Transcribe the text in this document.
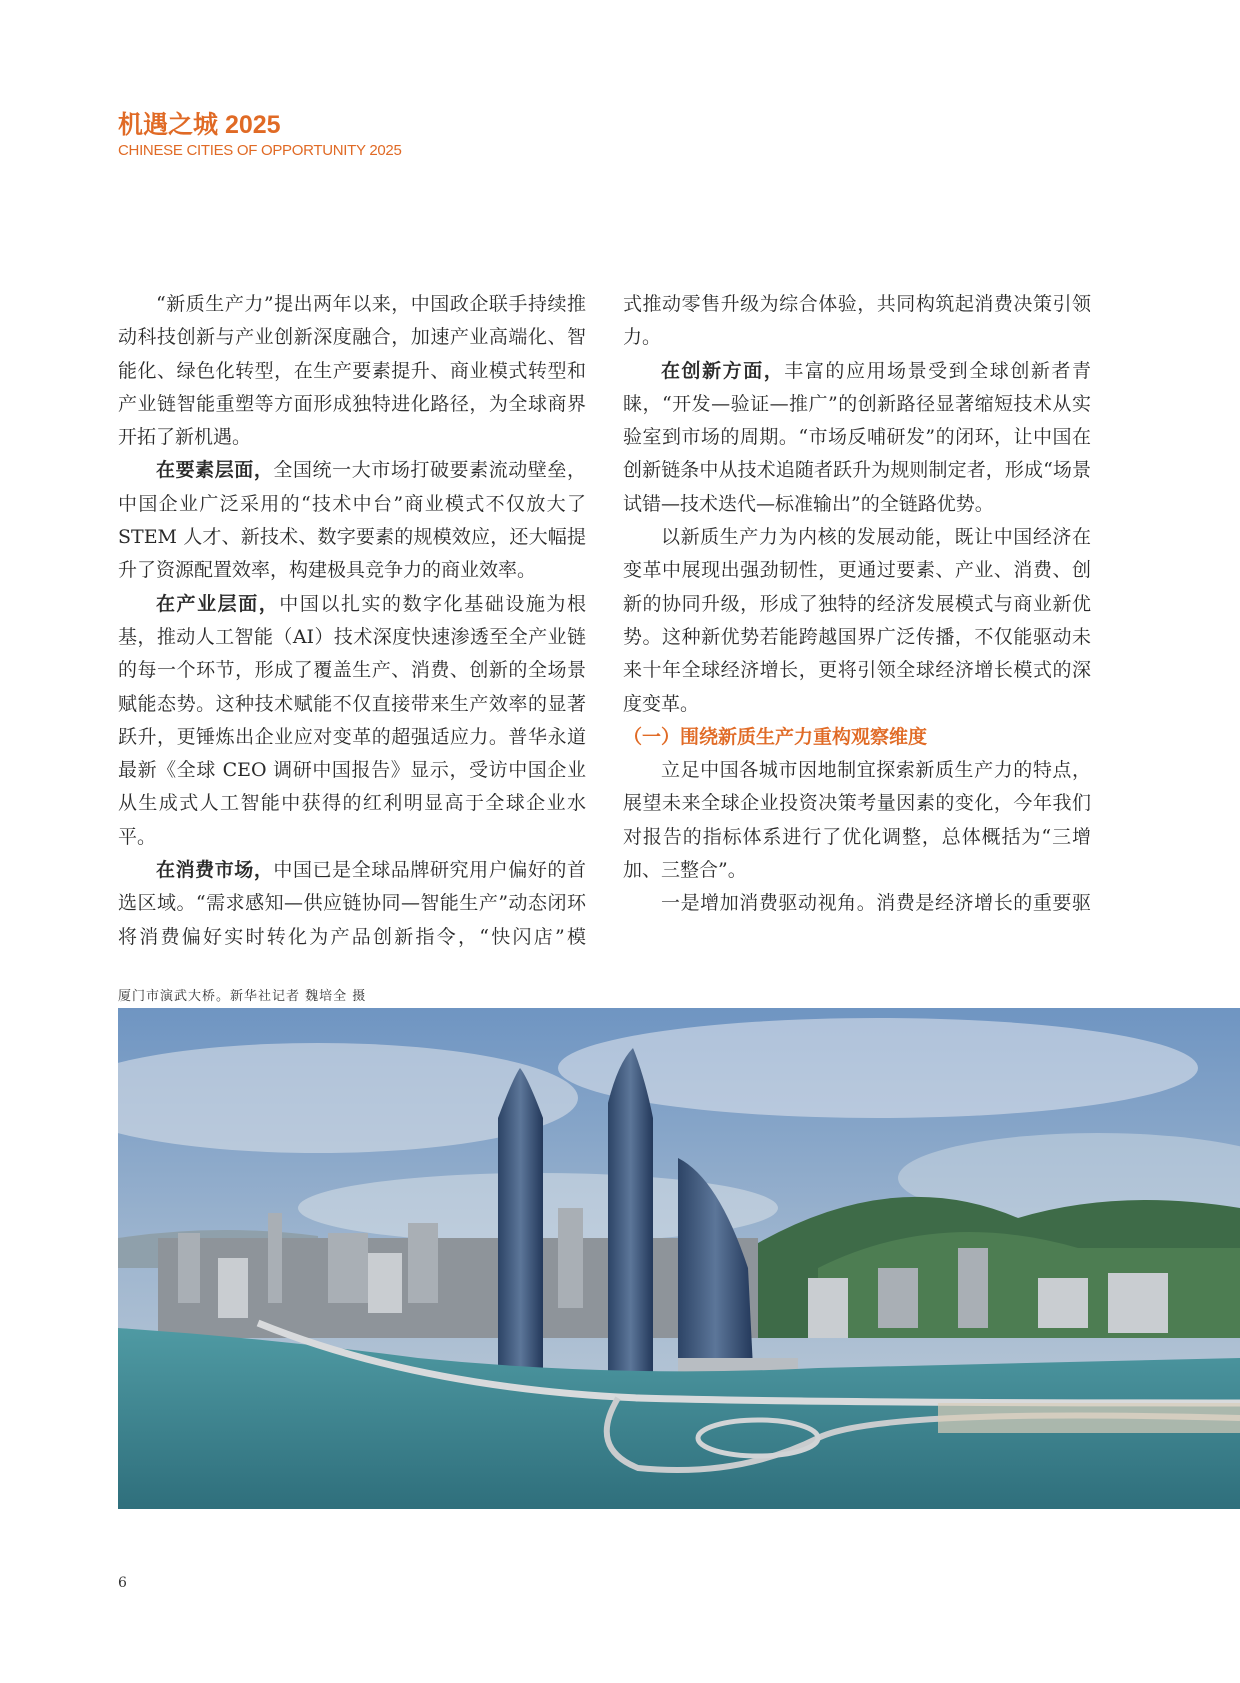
机遇之城 2025
CHINESE CITIES OF OPPORTUNITY 2025

“新质生产力”提出两年以来，中国政企联手持续推动科技创新与产业创新深度融合，加速产业高端化、智能化、绿色化转型，在生产要素提升、商业模式转型和产业链智能重塑等方面形成独特进化路径，为全球商界开拓了新机遇。

在要素层面，全国统一大市场打破要素流动壁垒，中国企业广泛采用的“技术中台”商业模式不仅放大了STEM 人才、新技术、数字要素的规模效应，还大幅提升了资源配置效率，构建极具竞争力的商业效率。

在产业层面，中国以扎实的数字化基础设施为根基，推动人工智能（AI）技术深度快速渗透至全产业链的每一个环节，形成了覆盖生产、消费、创新的全场景赋能态势。这种技术赋能不仅直接带来生产效率的显著跃升，更锤炼出企业应对变革的超强适应力。普华永道最新《全球 CEO 调研中国报告》显示，受访中国企业从生成式人工智能中获得的红利明显高于全球企业水平。

在消费市场，中国已是全球品牌研究用户偏好的首选区域。“需求感知—供应链协同—智能生产”动态闭环将消费偏好实时转化为产品创新指令，“快闪店”模

式推动零售升级为综合体验，共同构筑起消费决策引领力。

在创新方面，丰富的应用场景受到全球创新者青睐，“开发—验证—推广”的创新路径显著缩短技术从实验室到市场的周期。“市场反哺研发”的闭环，让中国在创新链条中从技术追随者跃升为规则制定者，形成“场景试错—技术迭代—标准输出”的全链路优势。

以新质生产力为内核的发展动能，既让中国经济在变革中展现出强劲韧性，更通过要素、产业、消费、创新的协同升级，形成了独特的经济发展模式与商业新优势。这种新优势若能跨越国界广泛传播，不仅能驱动未来十年全球经济增长，更将引领全球经济增长模式的深度变革。

（一）围绕新质生产力重构观察维度

立足中国各城市因地制宜探索新质生产力的特点，展望未来全球企业投资决策考量因素的变化，今年我们对报告的指标体系进行了优化调整，总体概括为“三增加、三整合”。

一是增加消费驱动视角。消费是经济增长的重要驱

厦门市演武大桥。新华社记者 魏培全 摄
6
